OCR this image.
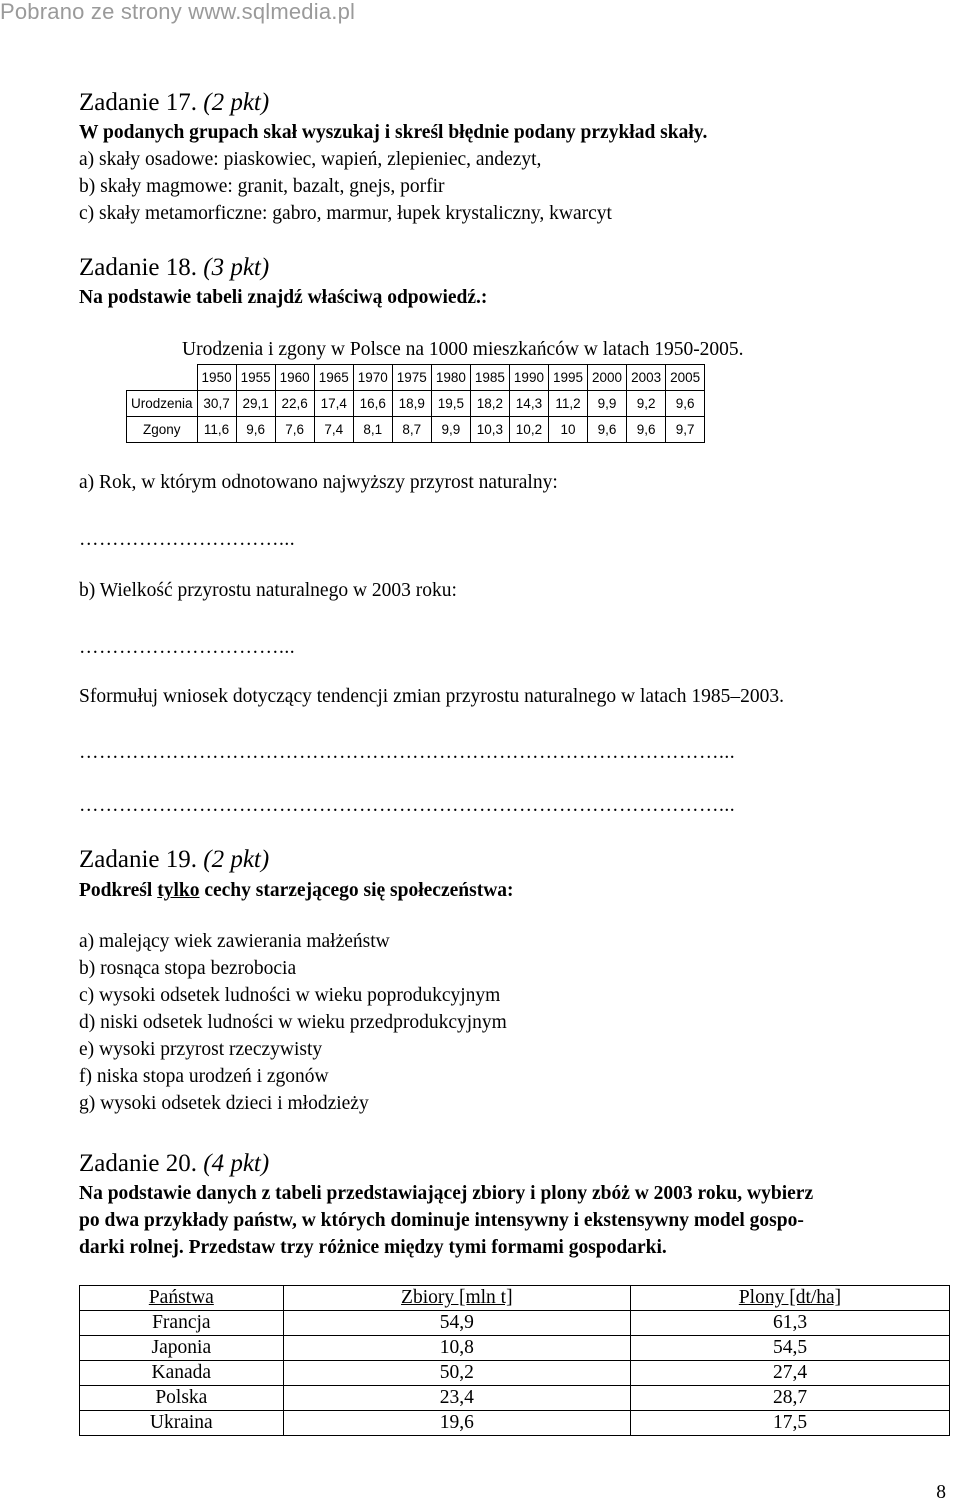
Pobrano ze strony www.sqlmedia.pl
Zadanie 17. (2 pkt)
W podanych grupach skał wyszukaj i skreśl błędnie podany przykład skały.
a) skały osadowe: piaskowiec, wapień, zlepieniec, andezyt,
b) skały magmowe: granit, bazalt, gnejs, porfir
c) skały metamorficzne: gabro, marmur, łupek krystaliczny, kwarcyt
Zadanie 18. (3 pkt)
Na podstawie tabeli znajdź właściwą odpowiedź.:
Urodzenia i zgony w Polsce na 1000 mieszkańców w latach 1950-2005.
	1950	1955	1960	1965	1970	1975	1980	1985	1990	1995	2000	2003	2005
Urodzenia	30,7	29,1	22,6	17,4	16,6	18,9	19,5	18,2	14,3	11,2	9,9	9,2	9,6
Zgony	11,6	9,6	7,6	7,4	8,1	8,7	9,9	10,3	10,2	10	9,6	9,6	9,7
a) Rok, w którym odnotowano najwyższy przyrost naturalny:
…………………………...
b) Wielkość przyrostu naturalnego w 2003 roku:
…………………………...
Sformułuj wniosek dotyczący tendencji zmian przyrostu naturalnego w latach 1985–2003.
……………………………………………………………………………………...
……………………………………………………………………………………...
Zadanie 19. (2 pkt)
Podkreśl tylko cechy starzejącego się społeczeństwa:
a) malejący wiek zawierania małżeństw
b) rosnąca stopa bezrobocia
c) wysoki odsetek ludności w wieku poprodukcyjnym
d) niski odsetek ludności w wieku przedprodukcyjnym
e) wysoki przyrost rzeczywisty
f) niska stopa urodzeń i zgonów
g) wysoki odsetek dzieci i młodzieży
Zadanie 20. (4 pkt)
Na podstawie danych z tabeli przedstawiającej zbiory i plony zbóż w 2003 roku, wybierz
po dwa przykłady państw, w których dominuje intensywny i ekstensywny model gospo-
darki rolnej. Przedstaw trzy różnice między tymi formami gospodarki.
Państwa	Zbiory [mln t]	Plony [dt/ha]
Francja	54,9	61,3
Japonia	10,8	54,5
Kanada	50,2	27,4
Polska	23,4	28,7
Ukraina	19,6	17,5
8
